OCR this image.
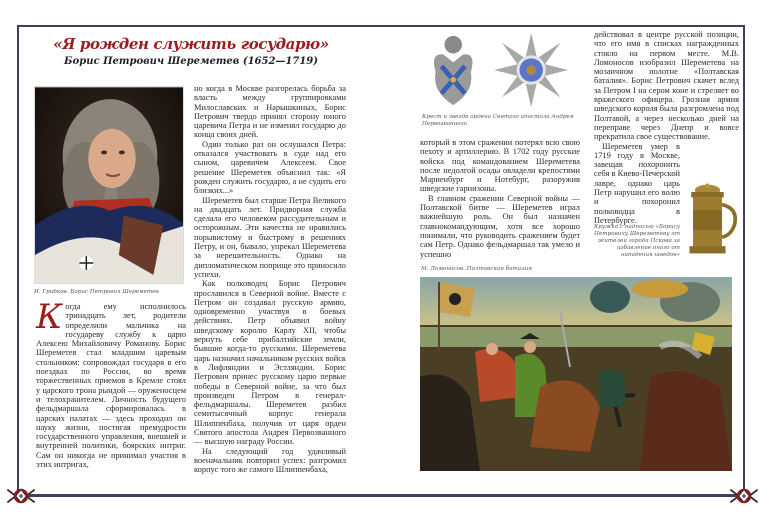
«Я рожден служить государю»
Борис Петрович Шереметев (1652—1719)
И. Грибков. Борис Петрович Шереметев

Когда ему исполнилось тринадцать лет, родители определили мальчика на государеву службу к царю Алексею Михайловичу Романову. Борис Шереметев стал младшим царевым стольником: сопровождал государя в его поездках по России, во время торжественных приемов в Кремле стоял у царского трона рындой — оруженосцем и телохранителем. Личность будущего фельдмаршала сформировалась в царских палатах — здесь проходил он науку жизни, постигая премудрости государственного управления, внешней и внутренней политики, боярских интриг. Сам он никогда не принимал участия в этих интригах,

но когда в Москве разгорелась борьба за власть между группировками Милославских и Нарышкиных, Борис Петрович твердо принял сторону юного царевича Петра и не изменял государю до конца своих дней.

Один только раз он ослушался Петра: отказался участвовать в суде над его сыном, царевичем Алексеем. Свое решение Шереметев объяснил так: «Я рожден служить государю, а не судить его близких...»

Шереметев был старше Петра Великого на двадцать лет. Придворная служба сделала его человеком рассудительным и осторожным. Эти качества не нравились порывистому и быстрому в решениях Петру, и он, бывало, упрекал Шереметева за нерешительность. Однако на дипломатическом поприще это приносило успехи.

Как полководец Борис Петрович прославился в Северной войне. Вместе с Петром он создавал русскую армию, одновременно участвуя в боевых действиях. Петр объявил войну шведскому королю Карлу XII, чтобы вернуть себе прибалтийские земли, бывшие когда-то русскими. Шереметева царь назначил начальником русских войск в Лифляндии и Эстляндии. Борис Петрович принес русскому царю первые победы в Северной войне, за что был произведен Петром в генерал-фельдмаршалы. Шереметев разбил семитысячный корпус генерала Шлиппенбаха, получив от царя орден Святого апостола Андрея Первозванного — высшую награду России.

На следующий год удачливый военачальник повторил успех: разгромил корпус того же самого Шлиппенбаха,

Крест и звезда ордена Святого апостола Андрея Первозванного

который в этом сражении потерял всю свою пехоту и артиллерию. В 1702 году русские войска под командованием Шереметева после недолгой осады овладели крепостями Мариенбург и Нотебург, разоружив шведские гарнизоны.

В главном сражении Северной войны — Полтавской битве — Шереметев играл важнейшую роль. Он был назначен главнокомандующим, хотя все хорошо понимали, что руководить сражением будет сам Петр. Однако фельдмаршал так умело и успешно

действовал в центре русской позиции, что его имя в списках награжденных стояло на первом месте. М.В. Ломоносов изобразил Шереметева на мозаичном полотне «Полтавская баталия». Борис Петрович скачет вслед за Петром I на сером коне и стреляет во вражеского офицера. Грозная армия шведского короля была разгромлена под Полтавой, а через несколько дней на переправе через Днепр и вовсе прекратила свое существование.

Шереметев умер в 1719 году в Москве, завещав похоронить себя в Киево-Печерской лавре, однако царь Петр нарушил его волю и похоронил полководца в Петербурге.

Кружка с надписью «Борису Петровичу Шереметеву от жителей города Пскова за избавление оного от нападения шведов»
М. Ломоносов. Полтавская баталия
